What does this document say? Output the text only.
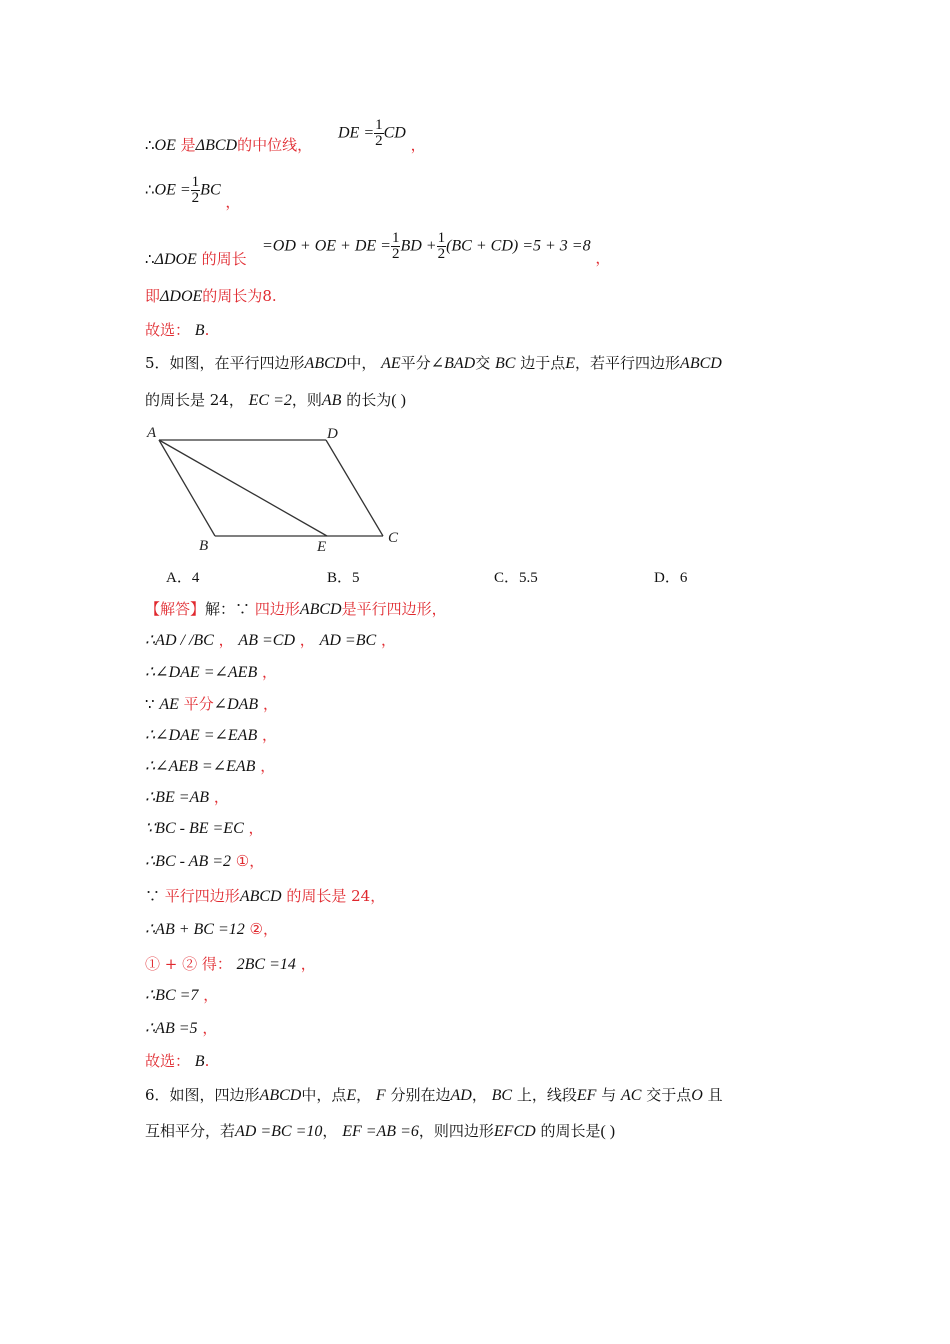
∴OE 是ΔBCD的中位线，
DE = $\frac{1}{2}$ CD ，
∴OE = $\frac{1}{2}$ BC ，
∴ΔDOE 的周长
=OD + OE + DE = $\frac{1}{2}$ BD + $\frac{1}{2} (BC + CD) =5 + 3 =8$ ，
即ΔDOE的周长为8.
故选： B.
5．如图，在平行四边形ABCD中， AE平分∠BAD交 BC 边于点E，若平行四边形ABCD
的周长是 24， EC =2，则AB 的长为( )
A	D
B	E
C
A．4	B．5	C．5.5	D．6
【解答】解：∵ 四边形ABCD是平行四边形，
∴AD / /BC ， AB =CD ， AD =BC ，
∴∠DAE =∠AEB ，
∵ AE 平分∠DAB ，
∴∠DAE =∠EAB ，
∴∠AEB =∠EAB ，
∴BE =AB ，
∵BC - BE =EC ，
∴BC - AB =2 ①，
∵ 平行四边形ABCD 的周长是 24，
∴AB + BC =12 ②，
① + ② 得： 2BC =14 ，
∴BC =7 ，
∴AB =5 ，
故选： B.
6．如图，四边形ABCD中，点E， F 分别在边AD， BC 上，线段EF 与 AC 交于点O 且
互相平分，若AD =BC =10， EF =AB =6，则四边形EFCD 的周长是( )
